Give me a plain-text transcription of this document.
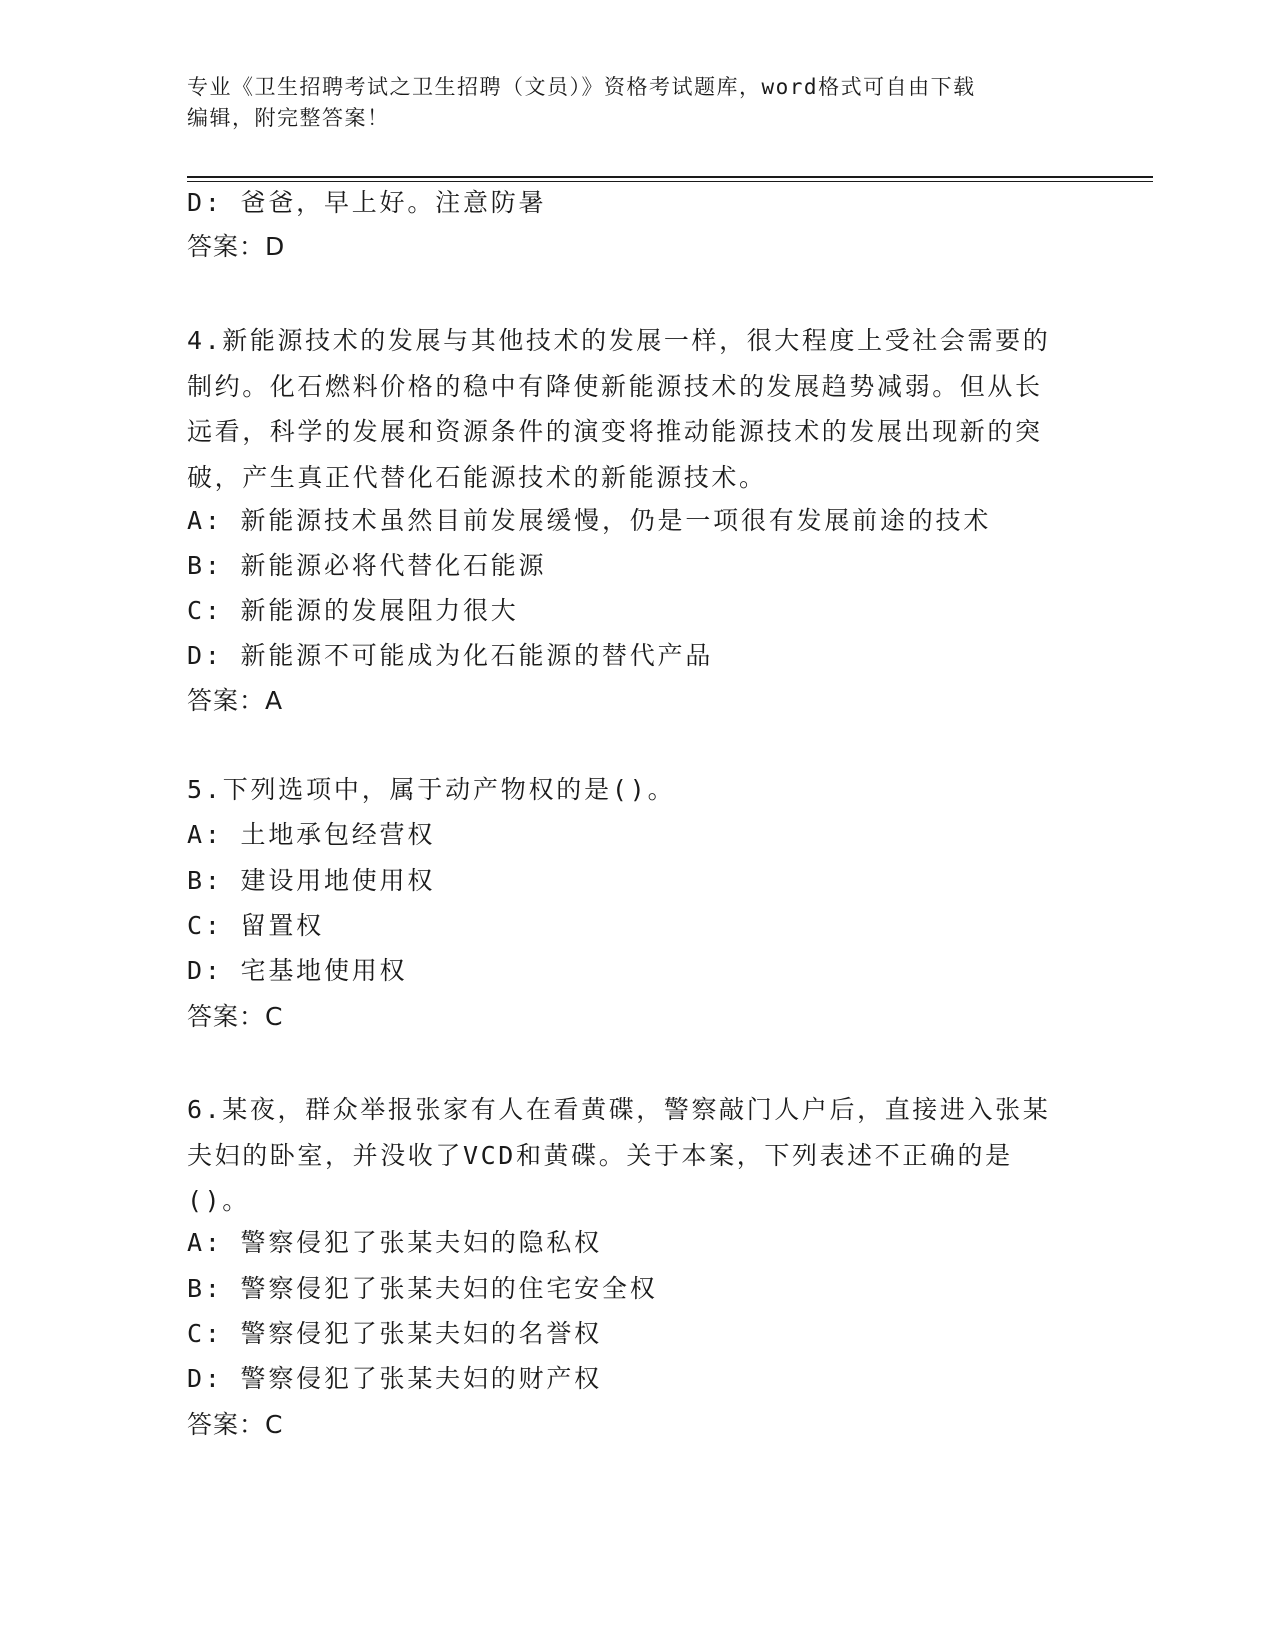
专业《卫生招聘考试之卫生招聘（文员）》资格考试题库，word格式可自由下载
编辑，附完整答案！
D: 爸爸，早上好。注意防暑
答案：D
4.新能源技术的发展与其他技术的发展一样，很大程度上受社会需要的制约。化石燃料价格的稳中有降使新能源技术的发展趋势减弱。但从长远看，科学的发展和资源条件的演变将推动能源技术的发展出现新的突破，产生真正代替化石能源技术的新能源技术。
A: 新能源技术虽然目前发展缓慢，仍是一项很有发展前途的技术
B: 新能源必将代替化石能源
C: 新能源的发展阻力很大
D: 新能源不可能成为化石能源的替代产品
答案：A
5.下列选项中，属于动产物权的是()。
A: 土地承包经营权
B: 建设用地使用权
C: 留置权
D: 宅基地使用权
答案：C
6.某夜，群众举报张家有人在看黄碟，警察敲门人户后，直接进入张某夫妇的卧室，并没收了VCD和黄碟。关于本案，下列表述不正确的是()。
A: 警察侵犯了张某夫妇的隐私权
B: 警察侵犯了张某夫妇的住宅安全权
C: 警察侵犯了张某夫妇的名誉权
D: 警察侵犯了张某夫妇的财产权
答案：C
